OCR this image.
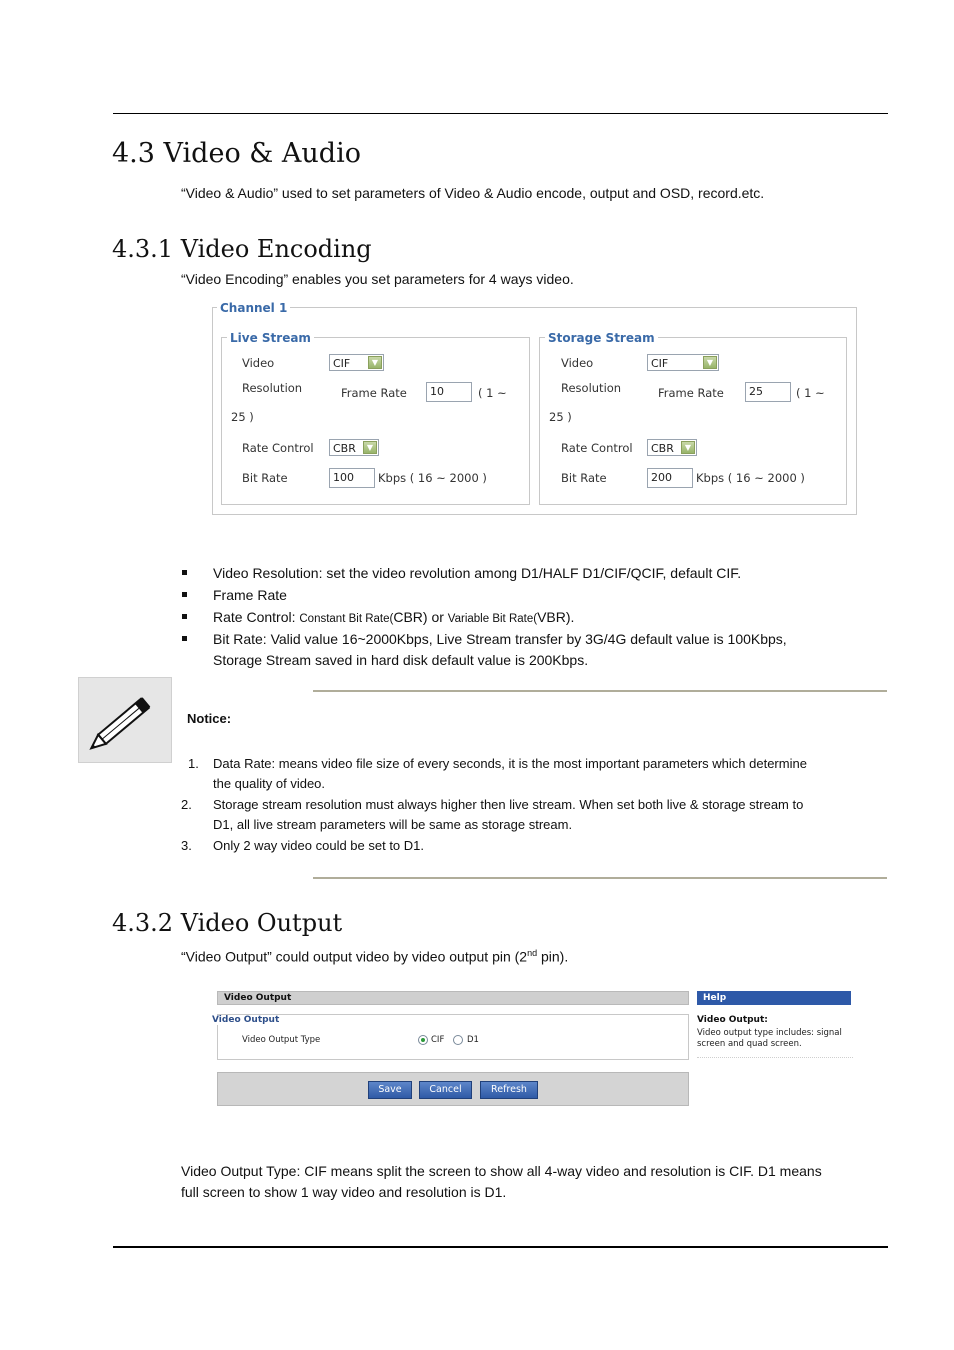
4.3 Video & Audio
“Video & Audio” used to set parameters of Video & Audio encode, output and OSD, record.etc.
4.3.1 Video Encoding
“Video Encoding” enables you set parameters for 4 ways video.
Channel 1
Live Stream
Video	CIF	▼
Resolution	Frame Rate	10	( 1 ~
25 )
Rate Control	CBR	▼
Bit Rate	100	Kbps ( 16 ~ 2000 )
Storage Stream
Video	CIF	▼
Resolution	Frame Rate	25	( 1 ~
25 )
Rate Control	CBR	▼
Bit Rate	200	Kbps ( 16 ~ 2000 )
Video Resolution: set the video revolution among D1/HALF D1/CIF/QCIF, default CIF.
Frame Rate
Rate Control: Constant Bit Rate(CBR) or Variable Bit Rate(VBR).
Bit Rate: Valid value 16~2000Kbps, Live Stream transfer by 3G/4G default value is 100Kbps,
Storage Stream saved in hard disk default value is 200Kbps.
Notice:
1. Data Rate: means video file size of every seconds, it is the most important parameters which determine
the quality of video.
2. Storage stream resolution must always higher then live stream. When set both live & storage stream to
D1, all live stream parameters will be same as storage stream.
3. Only 2 way video could be set to D1.
4.3.2 Video Output
“Video Output” could output video by video output pin (2nd pin).
Video Output	Help
Video Output
Video Output Type	CIF	D1
Video Output:
Video output type includes: signal
screen and quad screen.
Save	Cancel	Refresh
Video Output Type: CIF means split the screen to show all 4-way video and resolution is CIF. D1 means
full screen to show 1 way video and resolution is D1.
